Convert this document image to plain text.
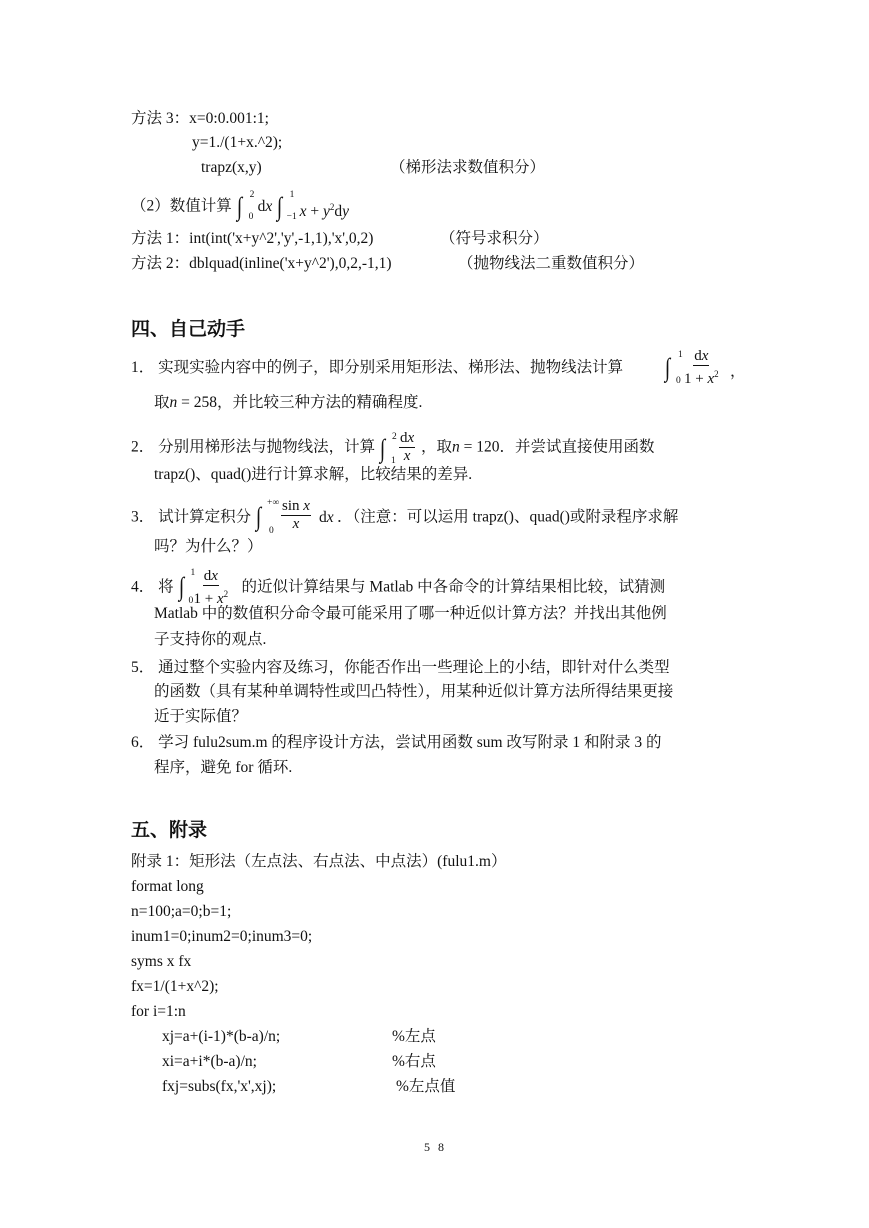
方法 3：x=0:0.001:1;
y=1./(1+x.^2);
trapz(x,y)	（梯形法求数值积分）
（2）数值计算 ∫ 2
0
dx ∫ 1
−1 $x + y^2dy$
方法 1：int(int('x+y^2','y',-1,1),'x',0,2)	（符号求积分）
方法 2：dblquad(inline('x+y^2'),0,2,-1,1)	（抛物线法二重数值积分）
四、自己动手
1． 实现实验内容中的例子，即分别采用矩形法、梯形法、抛物线法计算 ∫ 1
$0 \frac{dx}{1 + x^2}$ ，
取n = 258，并比较三种方法的精确程度.
2． 分别用梯形法与抛物线法，计算 ∫ 2
$1 \frac{dx}{x}$ ，取n = 120．并尝试直接使用函数
trapz()、quad()进行计算求解，比较结果的差异.
3． 试计算定积分 ∫ +∞
$0 \frac{\text{sin x}}{x}$ dx ．（注意：可以运用 trapz()、quad()或附录程序求解
吗？为什么？）
4． 将 ∫ 1
$0 \frac{dx}{1 + x^2}$ 的近似计算结果与 Matlab 中各命令的计算结果相比较，试猜测
Matlab 中的数值积分命令最可能采用了哪一种近似计算方法？并找出其他例
子支持你的观点.
5． 通过整个实验内容及练习，你能否作出一些理论上的小结，即针对什么类型
的函数（具有某种单调特性或凹凸特性），用某种近似计算方法所得结果更接
近于实际值？
6． 学习 fulu2sum.m 的程序设计方法，尝试用函数 sum 改写附录 1 和附录 3 的
程序，避免 for 循环.
五、附录
附录 1：矩形法（左点法、右点法、中点法）(fulu1.m）
format long
n=100;a=0;b=1;
inum1=0;inum2=0;inum3=0;
syms x fx
fx=1/(1+x^2);
for i=1:n
xj=a+(i-1)*(b-a)/n;	%左点
xi=a+i*(b-a)/n;	%右点
fxj=subs(fx,'x',xj);	%左点值
58
